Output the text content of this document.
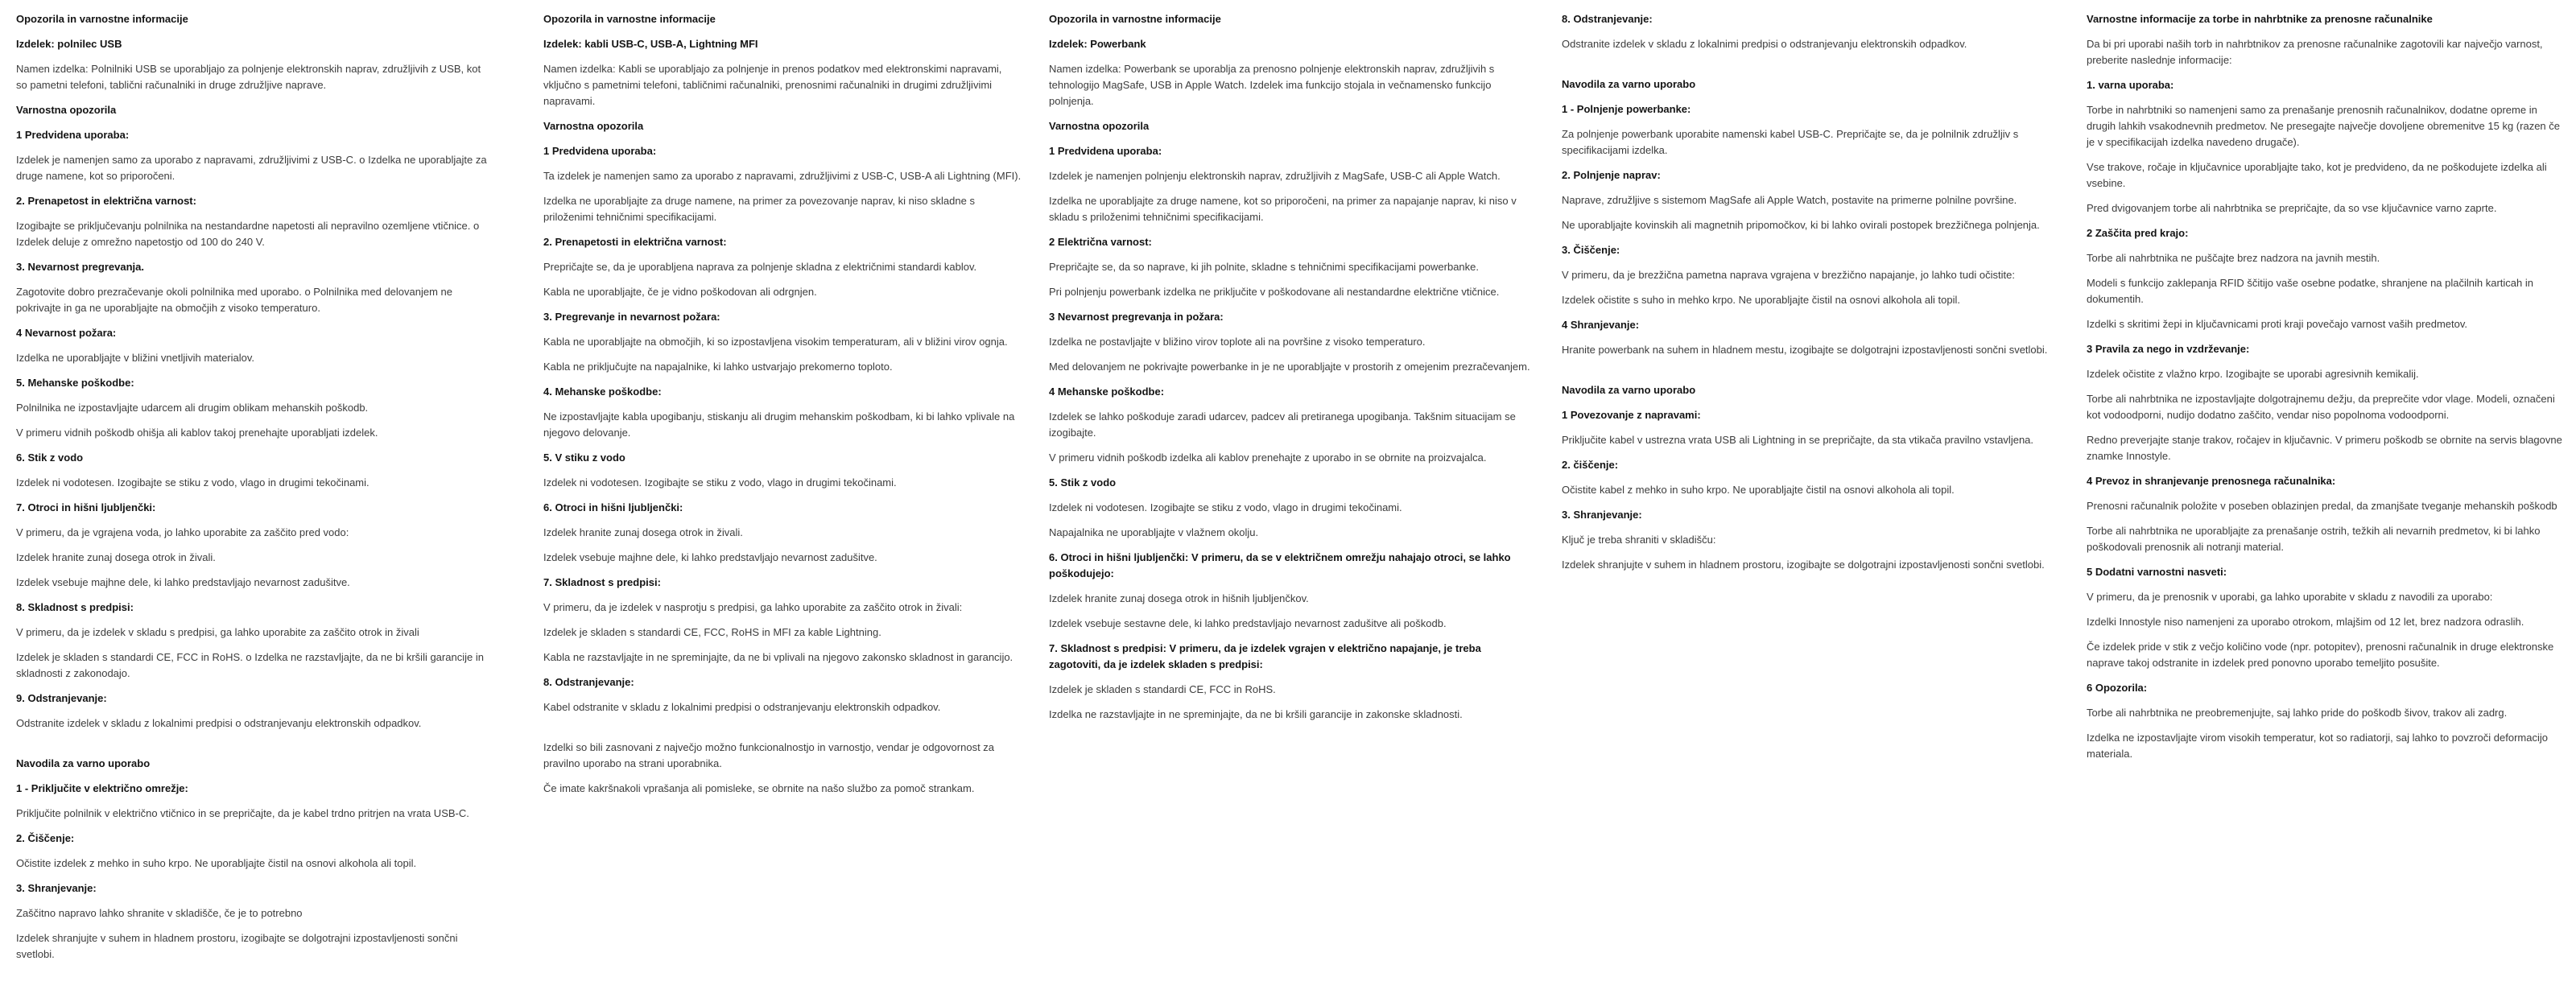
Opozorila in varnostne informacije
Izdelek: polnilec USB
Namen izdelka: Polnilniki USB se uporabljajo za polnjenje elektronskih naprav, združljivih z USB, kot so pametni telefoni, tablični računalniki in druge združljive naprave.
Varnostna opozorila
1 Predvidena uporaba:
Izdelek je namenjen samo za uporabo z napravami, združljivimi z USB-C. o Izdelka ne uporabljajte za druge namene, kot so priporočeni.
2. Prenapetost in električna varnost:
Izogibajte se priključevanju polnilnika na nestandardne napetosti ali nepravilno ozemljene vtičnice. o Izdelek deluje z omrežno napetostjo od 100 do 240 V.
3. Nevarnost pregrevanja.
Zagotovite dobro prezračevanje okoli polnilnika med uporabo. o Polnilnika med delovanjem ne pokrivajte in ga ne uporabljajte na območjih z visoko temperaturo.
4 Nevarnost požara:
Izdelka ne uporabljajte v bližini vnetljivih materialov.
5. Mehanske poškodbe:
Polnilnika ne izpostavljajte udarcem ali drugim oblikam mehanskih poškodb.
V primeru vidnih poškodb ohišja ali kablov takoj prenehajte uporabljati izdelek.
6. Stik z vodo
Izdelek ni vodotesen. Izogibajte se stiku z vodo, vlago in drugimi tekočinami.
7. Otroci in hišni ljubljenčki:
V primeru, da je vgrajena voda, jo lahko uporabite za zaščito pred vodo:
Izdelek hranite zunaj dosega otrok in živali.
Izdelek vsebuje majhne dele, ki lahko predstavljajo nevarnost zadušitve.
8. Skladnost s predpisi:
V primeru, da je izdelek v skladu s predpisi, ga lahko uporabite za zaščito otrok in živali
Izdelek je skladen s standardi CE, FCC in RoHS. o Izdelka ne razstavljajte, da ne bi kršili garancije in skladnosti z zakonodajo.
9. Odstranjevanje:
Odstranite izdelek v skladu z lokalnimi predpisi o odstranjevanju elektronskih odpadkov.
Navodila za varno uporabo
1 - Priključite v električno omrežje:
Priključite polnilnik v električno vtičnico in se prepričajte, da je kabel trdno pritrjen na vrata USB-C.
2. Čiščenje:
Očistite izdelek z mehko in suho krpo. Ne uporabljajte čistil na osnovi alkohola ali topil.
3. Shranjevanje:
Zaščitno napravo lahko shranite v skladišče, če je to potrebno
Izdelek shranjujte v suhem in hladnem prostoru, izogibajte se dolgotrajni izpostavljenosti sončni svetlobi.
Opozorila in varnostne informacije
Izdelek: kabli USB-C, USB-A, Lightning MFI
Namen izdelka: Kabli se uporabljajo za polnjenje in prenos podatkov med elektronskimi napravami, vključno s pametnimi telefoni, tabličnimi računalniki, prenosnimi računalniki in drugimi združljivimi napravami.
Varnostna opozorila
1 Predvidena uporaba:
Ta izdelek je namenjen samo za uporabo z napravami, združljivimi z USB-C, USB-A ali Lightning (MFI).
Izdelka ne uporabljajte za druge namene, na primer za povezovanje naprav, ki niso skladne s priloženimi tehničnimi specifikacijami.
2. Prenapetosti in električna varnost:
Prepričajte se, da je uporabljena naprava za polnjenje skladna z električnimi standardi kablov.
Kabla ne uporabljajte, če je vidno poškodovan ali odrgnjen.
3. Pregrevanje in nevarnost požara:
Kabla ne uporabljajte na območjih, ki so izpostavljena visokim temperaturam, ali v bližini virov ognja.
Kabla ne priključujte na napajalnike, ki lahko ustvarjajo prekomerno toploto.
4. Mehanske poškodbe:
Ne izpostavljajte kabla upogibanju, stiskanju ali drugim mehanskim poškodbam, ki bi lahko vplivale na njegovo delovanje.
5. V stiku z vodo
Izdelek ni vodotesen. Izogibajte se stiku z vodo, vlago in drugimi tekočinami.
6. Otroci in hišni ljubljenčki:
Izdelek hranite zunaj dosega otrok in živali.
Izdelek vsebuje majhne dele, ki lahko predstavljajo nevarnost zadušitve.
7. Skladnost s predpisi:
V primeru, da je izdelek v nasprotju s predpisi, ga lahko uporabite za zaščito otrok in živali:
Izdelek je skladen s standardi CE, FCC, RoHS in MFI za kable Lightning.
Kabla ne razstavljajte in ne spreminjajte, da ne bi vplivali na njegovo zakonsko skladnost in garancijo.
8. Odstranjevanje:
Kabel odstranite v skladu z lokalnimi predpisi o odstranjevanju elektronskih odpadkov.
Izdelki so bili zasnovani z največjo možno funkcionalnostjo in varnostjo, vendar je odgovornost za pravilno uporabo na strani uporabnika.
Če imate kakršnakoli vprašanja ali pomisleke, se obrnite na našo službo za pomoč strankam.
Opozorila in varnostne informacije
Izdelek: Powerbank
Namen izdelka: Powerbank se uporablja za prenosno polnjenje elektronskih naprav, združljivih s tehnologijo MagSafe, USB in Apple Watch. Izdelek ima funkcijo stojala in večnamensko funkcijo polnjenja.
Varnostna opozorila
1 Predvidena uporaba:
Izdelek je namenjen polnjenju elektronskih naprav, združljivih z MagSafe, USB-C ali Apple Watch.
Izdelka ne uporabljajte za druge namene, kot so priporočeni, na primer za napajanje naprav, ki niso v skladu s priloženimi tehničnimi specifikacijami.
2 Električna varnost:
Prepričajte se, da so naprave, ki jih polnite, skladne s tehničnimi specifikacijami powerbanke.
Pri polnjenju powerbank izdelka ne priključite v poškodovane ali nestandardne električne vtičnice.
3 Nevarnost pregrevanja in požara:
Izdelka ne postavljajte v bližino virov toplote ali na površine z visoko temperaturo.
Med delovanjem ne pokrivajte powerbanke in je ne uporabljajte v prostorih z omejenim prezračevanjem.
4 Mehanske poškodbe:
Izdelek se lahko poškoduje zaradi udarcev, padcev ali pretiranega upogibanja. Takšnim situacijam se izogibajte.
V primeru vidnih poškodb izdelka ali kablov prenehajte z uporabo in se obrnite na proizvajalca.
5. Stik z vodo
Izdelek ni vodotesen. Izogibajte se stiku z vodo, vlago in drugimi tekočinami.
Napajalnika ne uporabljajte v vlažnem okolju.
6. Otroci in hišni ljubljenčki: V primeru, da se v električnem omrežju nahajajo otroci, se lahko poškodujejo:
Izdelek hranite zunaj dosega otrok in hišnih ljubljenčkov.
Izdelek vsebuje sestavne dele, ki lahko predstavljajo nevarnost zadušitve ali poškodb.
7. Skladnost s predpisi: V primeru, da je izdelek vgrajen v električno napajanje, je treba zagotoviti, da je izdelek skladen s predpisi:
Izdelek je skladen s standardi CE, FCC in RoHS.
Izdelka ne razstavljajte in ne spreminjajte, da ne bi kršili garancije in zakonske skladnosti.
8. Odstranjevanje:
Odstranite izdelek v skladu z lokalnimi predpisi o odstranjevanju elektronskih odpadkov.
Navodila za varno uporabo
1 - Polnjenje powerbanke:
Za polnjenje powerbank uporabite namenski kabel USB-C. Prepričajte se, da je polnilnik združljiv s specifikacijami izdelka.
2. Polnjenje naprav:
Naprave, združljive s sistemom MagSafe ali Apple Watch, postavite na primerne polnilne površine.
Ne uporabljajte kovinskih ali magnetnih pripomočkov, ki bi lahko ovirali postopek brezžičnega polnjenja.
3. Čiščenje:
V primeru, da je brezžična pametna naprava vgrajena v brezžično napajanje, jo lahko tudi očistite:
Izdelek očistite s suho in mehko krpo. Ne uporabljajte čistil na osnovi alkohola ali topil.
4 Shranjevanje:
Hranite powerbank na suhem in hladnem mestu, izogibajte se dolgotrajni izpostavljenosti sončni svetlobi.
Navodila za varno uporabo
1 Povezovanje z napravami:
Priključite kabel v ustrezna vrata USB ali Lightning in se prepričajte, da sta vtikača pravilno vstavljena.
2. čiščenje:
Očistite kabel z mehko in suho krpo. Ne uporabljajte čistil na osnovi alkohola ali topil.
3. Shranjevanje:
Ključ je treba shraniti v skladišču:
Izdelek shranjujte v suhem in hladnem prostoru, izogibajte se dolgotrajni izpostavljenosti sončni svetlobi.
Varnostne informacije za torbe in nahrbtnike za prenosne računalnike
Da bi pri uporabi naših torb in nahrbtnikov za prenosne računalnike zagotovili kar največjo varnost, preberite naslednje informacije:
1. varna uporaba:
Torbe in nahrbtniki so namenjeni samo za prenašanje prenosnih računalnikov, dodatne opreme in drugih lahkih vsakodnevnih predmetov. Ne presegajte največje dovoljene obremenitve 15 kg (razen če je v specifikacijah izdelka navedeno drugače).
Vse trakove, ročaje in ključavnice uporabljajte tako, kot je predvideno, da ne poškodujete izdelka ali vsebine.
Pred dvigovanjem torbe ali nahrbtnika se prepričajte, da so vse ključavnice varno zaprte.
2 Zaščita pred krajo:
Torbe ali nahrbtnika ne puščajte brez nadzora na javnih mestih.
Modeli s funkcijo zaklepanja RFID ščitijo vaše osebne podatke, shranjene na plačilnih karticah in dokumentih.
Izdelki s skritimi žepi in ključavnicami proti kraji povečajo varnost vaših predmetov.
3 Pravila za nego in vzdrževanje:
Izdelek očistite z vlažno krpo. Izogibajte se uporabi agresivnih kemikalij.
Torbe ali nahrbtnika ne izpostavljajte dolgotrajnemu dežju, da preprečite vdor vlage. Modeli, označeni kot vodoodporni, nudijo dodatno zaščito, vendar niso popolnoma vodoodporni.
Redno preverjajte stanje trakov, ročajev in ključavnic. V primeru poškodb se obrnite na servis blagovne znamke Innostyle.
4 Prevoz in shranjevanje prenosnega računalnika:
Prenosni računalnik položite v poseben oblazinjen predal, da zmanjšate tveganje mehanskih poškodb
Torbe ali nahrbtnika ne uporabljajte za prenašanje ostrih, težkih ali nevarnih predmetov, ki bi lahko poškodovali prenosnik ali notranji material.
5 Dodatni varnostni nasveti:
V primeru, da je prenosnik v uporabi, ga lahko uporabite v skladu z navodili za uporabo:
Izdelki Innostyle niso namenjeni za uporabo otrokom, mlajšim od 12 let, brez nadzora odraslih.
Če izdelek pride v stik z večjo količino vode (npr. potopitev), prenosni računalnik in druge elektronske naprave takoj odstranite in izdelek pred ponovno uporabo temeljito posušite.
6 Opozorila:
Torbe ali nahrbtnika ne preobremenjujte, saj lahko pride do poškodb šivov, trakov ali zadrg.
Izdelka ne izpostavljajte virom visokih temperatur, kot so radiatorji, saj lahko to povzroči deformacijo materiala.
